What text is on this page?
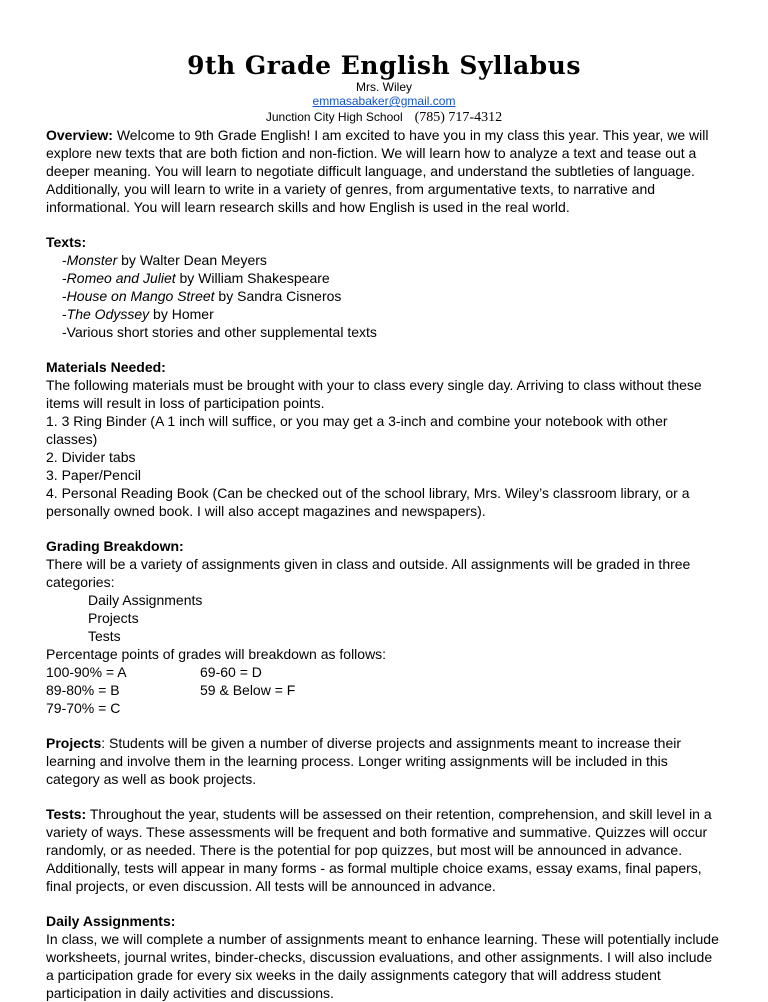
9th Grade English Syllabus
Mrs. Wiley
emmasabaker@gmail.com
Junction City High School (785) 717-4312

Overview: Welcome to 9th Grade English! I am excited to have you in my class this year. This year, we will explore new texts that are both fiction and non-fiction. We will learn how to analyze a text and tease out a deeper meaning. You will learn to negotiate difficult language, and understand the subtleties of language. Additionally, you will learn to write in a variety of genres, from argumentative texts, to narrative and informational. You will learn research skills and how English is used in the real world.

Texts:
-Monster by Walter Dean Meyers
-Romeo and Juliet by William Shakespeare
-House on Mango Street by Sandra Cisneros
-The Odyssey by Homer
-Various short stories and other supplemental texts
Materials Needed:
The following materials must be brought with your to class every single day. Arriving to class without these items will result in loss of participation points.
1. 3 Ring Binder (A 1 inch will suffice, or you may get a 3-inch and combine your notebook with other classes)
2. Divider tabs
3. Paper/Pencil
4. Personal Reading Book (Can be checked out of the school library, Mrs. Wiley’s classroom library, or a personally owned book. I will also accept magazines and newspapers).
Grading Breakdown:
There will be a variety of assignments given in class and outside. All assignments will be graded in three categories:
Daily Assignments
Projects
Tests
Percentage points of grades will breakdown as follows:
100-90% = A	69-60 = D
89-80% = B	59 & Below = F
79-70% = C

Projects: Students will be given a number of diverse projects and assignments meant to increase their learning and involve them in the learning process. Longer writing assignments will be included in this category as well as book projects.

Tests: Throughout the year, students will be assessed on their retention, comprehension, and skill level in a variety of ways. These assessments will be frequent and both formative and summative. Quizzes will occur randomly, or as needed. There is the potential for pop quizzes, but most will be announced in advance. Additionally, tests will appear in many forms - as formal multiple choice exams, essay exams, final papers, final projects, or even discussion. All tests will be announced in advance.

Daily Assignments:
In class, we will complete a number of assignments meant to enhance learning. These will potentially include worksheets, journal writes, binder-checks, discussion evaluations, and other assignments. I will also include a participation grade for every six weeks in the daily assignments category that will address student participation in daily activities and discussions.
